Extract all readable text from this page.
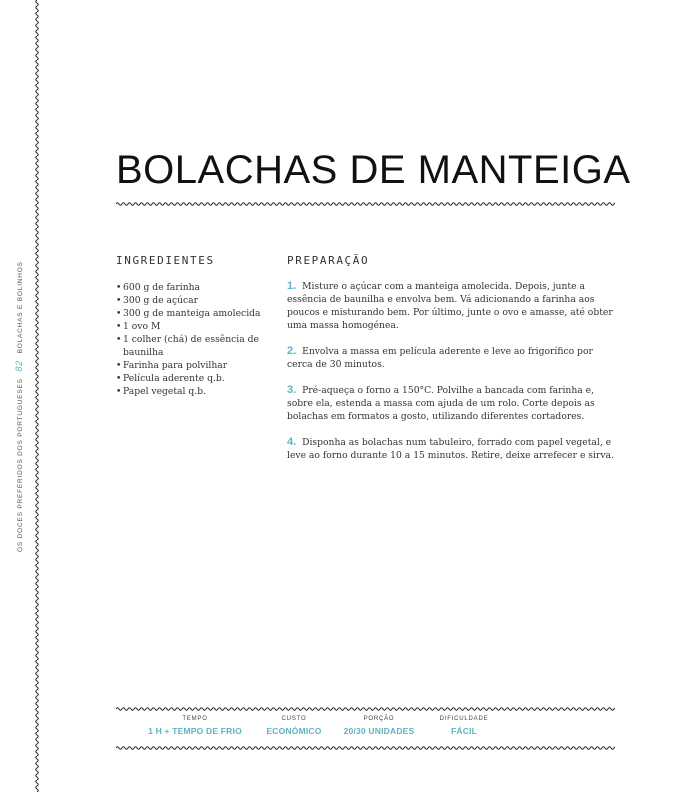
OS DOCES PREFERIDOS DOS PORTUGUESES 82 BOLACHAS E BOLINHOS
BOLACHAS DE MANTEIGA
INGREDIENTES
• 600 g de farinha
• 300 g de açúcar
• 300 g de manteiga amolecida
• 1 ovo M
• 1 colher (chá) de essência de baunilha
• Farinha para polvilhar
• Película aderente q.b.
• Papel vegetal q.b.
PREPARAÇÃO

1. Misture o açúcar com a manteiga amolecida. Depois, junte a essência de baunilha e envolva bem. Vá adicionando a farinha aos poucos e misturando bem. Por último, junte o ovo e amasse, até obter uma massa homogénea.

2. Envolva a massa em película aderente e leve ao frigorífico por cerca de 30 minutos.

3. Pré-aqueça o forno a 150°C. Polvilhe a bancada com farinha e, sobre ela, estenda a massa com ajuda de um rolo. Corte depois as bolachas em formatos a gosto, utilizando diferentes cortadores.

4. Disponha as bolachas num tabuleiro, forrado com papel vegetal, e leve ao forno durante 10 a 15 minutos. Retire, deixe arrefecer e sirva.

TEMPO
1 H + TEMPO DE FRIO
CUSTO
ECONÓMICO
PORÇÃO
20/30 UNIDADES
DIFICULDADE
FÁCIL
